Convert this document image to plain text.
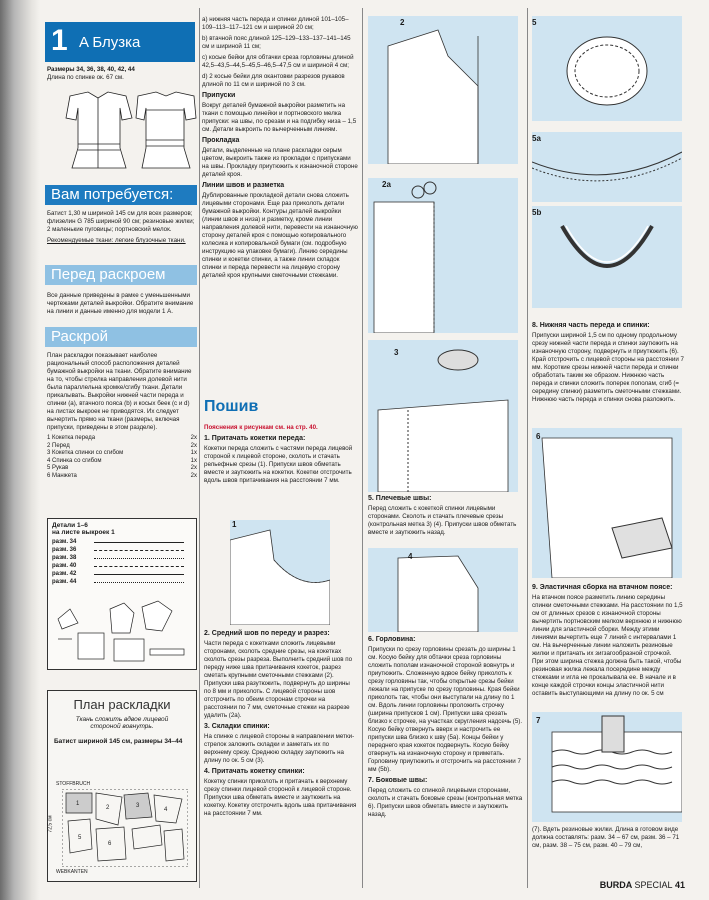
1 A Блузка
Размеры 34, 36, 38, 40, 42, 44
Длина по спинке ок. 67 см.
Вам потребуется:

Батист 1,30 м шириной 145 см для всех размеров; флизелин G 785 шириной 90 см; резиновые жилки; 2 маленькие пуговицы; портновский мелок.

Рекомендуемые ткани: легкие блузочные ткани.

Перед раскроем

Все данные приведены в рамке с уменьшенными чертежами деталей выкройки. Обратите внимание на линии и данные именно для модели 1 А.

Раскрой

План раскладки показывает наиболее рациональный способ расположения деталей бумажной выкройки на ткани. Обратите внимание на то, чтобы стрелка направления долевой нити была параллельна кромке/сгибу ткани. Детали прикалывать. Выкройки нижней части переда и спинки (a), втачного пояса (b) и косых беек (c и d) на листах выкроек не приводятся. Их следует вычертить прямо на ткани (размеры, включая припуски, приведены в этом разделе).

1 Кокетка переда	2x
2 Перед	2x
3 Кокетка спинки со сгибом	1x
4 Спинка со сгибом	1x
5 Рукав	2x
6 Манжета	2x
Детали 1–6
на листе выкроек 1
разм. 34
разм. 36
разм. 38
разм. 40
разм. 42
разм. 44
План раскладки
Ткань сложить вдвое лицевой стороной вовнутрь.
Батист шириной 145 см, размеры 34–44
STOFFBRUCH
WEBKANTEN
72,5 см
1
2	3
4
5
6

a) нижняя часть переда и спинки длиной 101–105–109–113–117–121 см и шириной 20 см;

b) втачной пояс длиной 125–129–133–137–141–145 см и шириной 11 см;

c) косые бейки для обтачки среза горловины длиной 42,5–43,5–44,5–45,5–46,5–47,5 см и шириной 4 см;

d) 2 косые бейки для окантовки разрезов рукавов длиной по 11 см и шириной по 3 см.

Припуски

Вокруг деталей бумажной выкройки разметить на ткани с помощью линейки и портновского мелка припуски: на швы, по срезам и на подгибку низа – 1,5 см. Детали выкроить по вычерченным линиям.

Прокладка

Детали, выделенные на плане раскладки серым цветом, выкроить также из прокладки с припусками на швы. Прокладку приутюжить к изнаночной стороне деталей кроя.

Линии швов и разметка

Дублированные прокладкой детали снова сложить лицевыми сторонами. Еще раз приколоть детали бумажной выкройки. Контуры деталей выкройки (линии швов и низа) и разметку, кроме линии направления долевой нити, перевести на изнаночную сторону деталей кроя с помощью копировального колесика и копировальной бумаги (см. подробную инструкцию на упаковке бумаги). Линию середины спинки и кокетки спинки, а также линии складок спинки и переда перевести на лицевую сторону деталей кроя крупными сметочными стежками.

Пошив

Пояснения к рисункам см. на стр. 40.

1. Притачать кокетки переда:

Кокетки переда сложить с частями переда лицевой стороной к лицевой стороне, сколоть и стачать рельефные срезы (1). Припуски швов обметать вместе и заутюжить на кокетки. Кокетки отстрочить вдоль швов притачивания на расстоянии 7 мм.

1
2. Средний шов по переду и разрез:

Части переда с кокетками сложить лицевыми сторонами, сколоть средние срезы, на кокетках сколоть срезы разреза. Выполнить средний шов по переду ниже шва притачивания кокеток, разрез сметать крупными сметочными стежками (2). Припуски шва разутюжить, подвернуть до ширины по 8 мм и приколоть. С лицевой стороны шов отстрочить по обеим сторонам строчки на расстоянии по 7 мм, сметочные стежки на разрезе удалить (2a).

3. Складки спинки:

На спинке с лицевой стороны в направлении метки-стрелок заложить складки и заметать их по верхнему срезу. Среднюю складку заутюжить на длину по ок. 5 см (3).

4. Притачать кокетку спинки:

Кокетку спинки приколоть и притачать к верхнему срезу спинки лицевой стороной к лицевой стороне. Припуски шва обметать вместе и заутюжить на кокетку. Кокетку отстрочить вдоль шва притачивания на расстоянии 7 мм.

2
2a
3
5. Плечевые швы:

Перед сложить с кокеткой спинки лицевыми сторонами. Сколоть и стачать плечевые срезы (контрольная метка 3) (4). Припуски швов обметать вместе и заутюжить назад.

4
6. Горловина:

Припуски по срезу горловины срезать до ширины 1 см. Косую бейку для обтачки среза горловины сложить пополам изнаночной стороной вовнутрь и приутюжить. Сложенную вдвое бейку приколоть к срезу горловины так, чтобы открытые срезы бейки лежали на припуске по срезу горловины. Края бейки приколоть так, чтобы они выступали на длину по 1 см. Вдоль линии горловины проложить строчку (ширина припусков 1 см). Припуски шва срезать близко к строчке, на участках скругления надсечь (5). Косую бейку отвернуть вверх и настрочить ее припуски шва близко к шву (5a). Концы бейки у переднего края кокеток подвернуть. Косую бейку отвернуть на изнаночную сторону и приметать. Горловину приутюжить и отстрочить на расстоянии 7 мм (5b).

7. Боковые швы:

Перед сложить со спинкой лицевыми сторонами, сколоть и стачать боковые срезы (контрольная метка 6). Припуски швов обметать вместе и заутюжить назад.

5
5a
5b
8. Нижняя часть переда и спинки:

Припуски шириной 1,5 см по одному продольному срезу нижней части переда и спинки заутюжить на изнаночную сторону, подвернуть и приутюжить (6). Край отстрочить с лицевой стороны на расстоянии 7 мм. Короткие срезы нижней части переда и спинки обработать таким же образом. Нижнюю часть переда и спинки сложить поперек пополам, сгиб (= середину спинки) разметить сметочными стежками. Нижнюю часть переда и спинки снова разложить.

6
9. Эластичная сборка на втачном поясе:

На втачном поясе разметить линию середины спинки сметочными стежками. На расстоянии по 1,5 см от длинных срезов с изнаночной стороны вычертить портновским мелком верхнюю и нижнюю линии для эластичной сборки. Между этими линиями вычертить еще 7 линий с интервалами 1 см. На вычерченные линии наложить резиновые жилки и притачать их зигзагообразной строчкой. При этом ширина стежка должна быть такой, чтобы резиновая жилка лежала посередине между стежками и игла не прокалывала ее. В начале и в конце каждой строчки концы эластичной нити оставить выступающими на длину по ок. 5 см

7

(7). Вдеть резиновые жилки. Длина в готовом виде должна составлять: разм. 34 – 67 см, разм. 36 – 71 см, разм. 38 – 75 см, разм. 40 – 79 см,

BURDA SPECIAL 41
